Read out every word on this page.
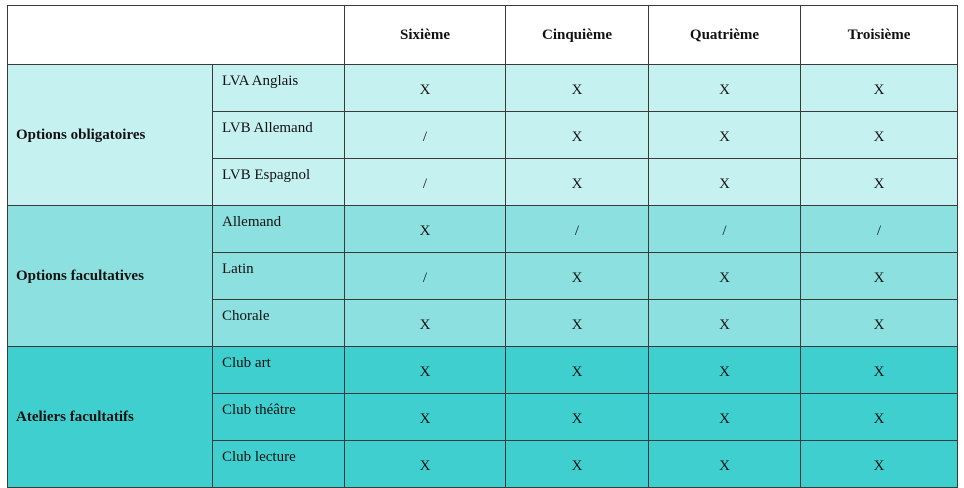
		Sixième	Cinquième	Quatrième	Troisième
Options obligatoires	LVA Anglais	X	X	X	X
	LVB Allemand	/	X	X	X
	LVB Espagnol	/	X	X	X
Options facultatives	Allemand	X	/	/	/
	Latin	/	X	X	X
	Chorale	X	X	X	X
Ateliers facultatifs	Club art	X	X	X	X
	Club théâtre	X	X	X	X
	Club lecture	X	X	X	X
